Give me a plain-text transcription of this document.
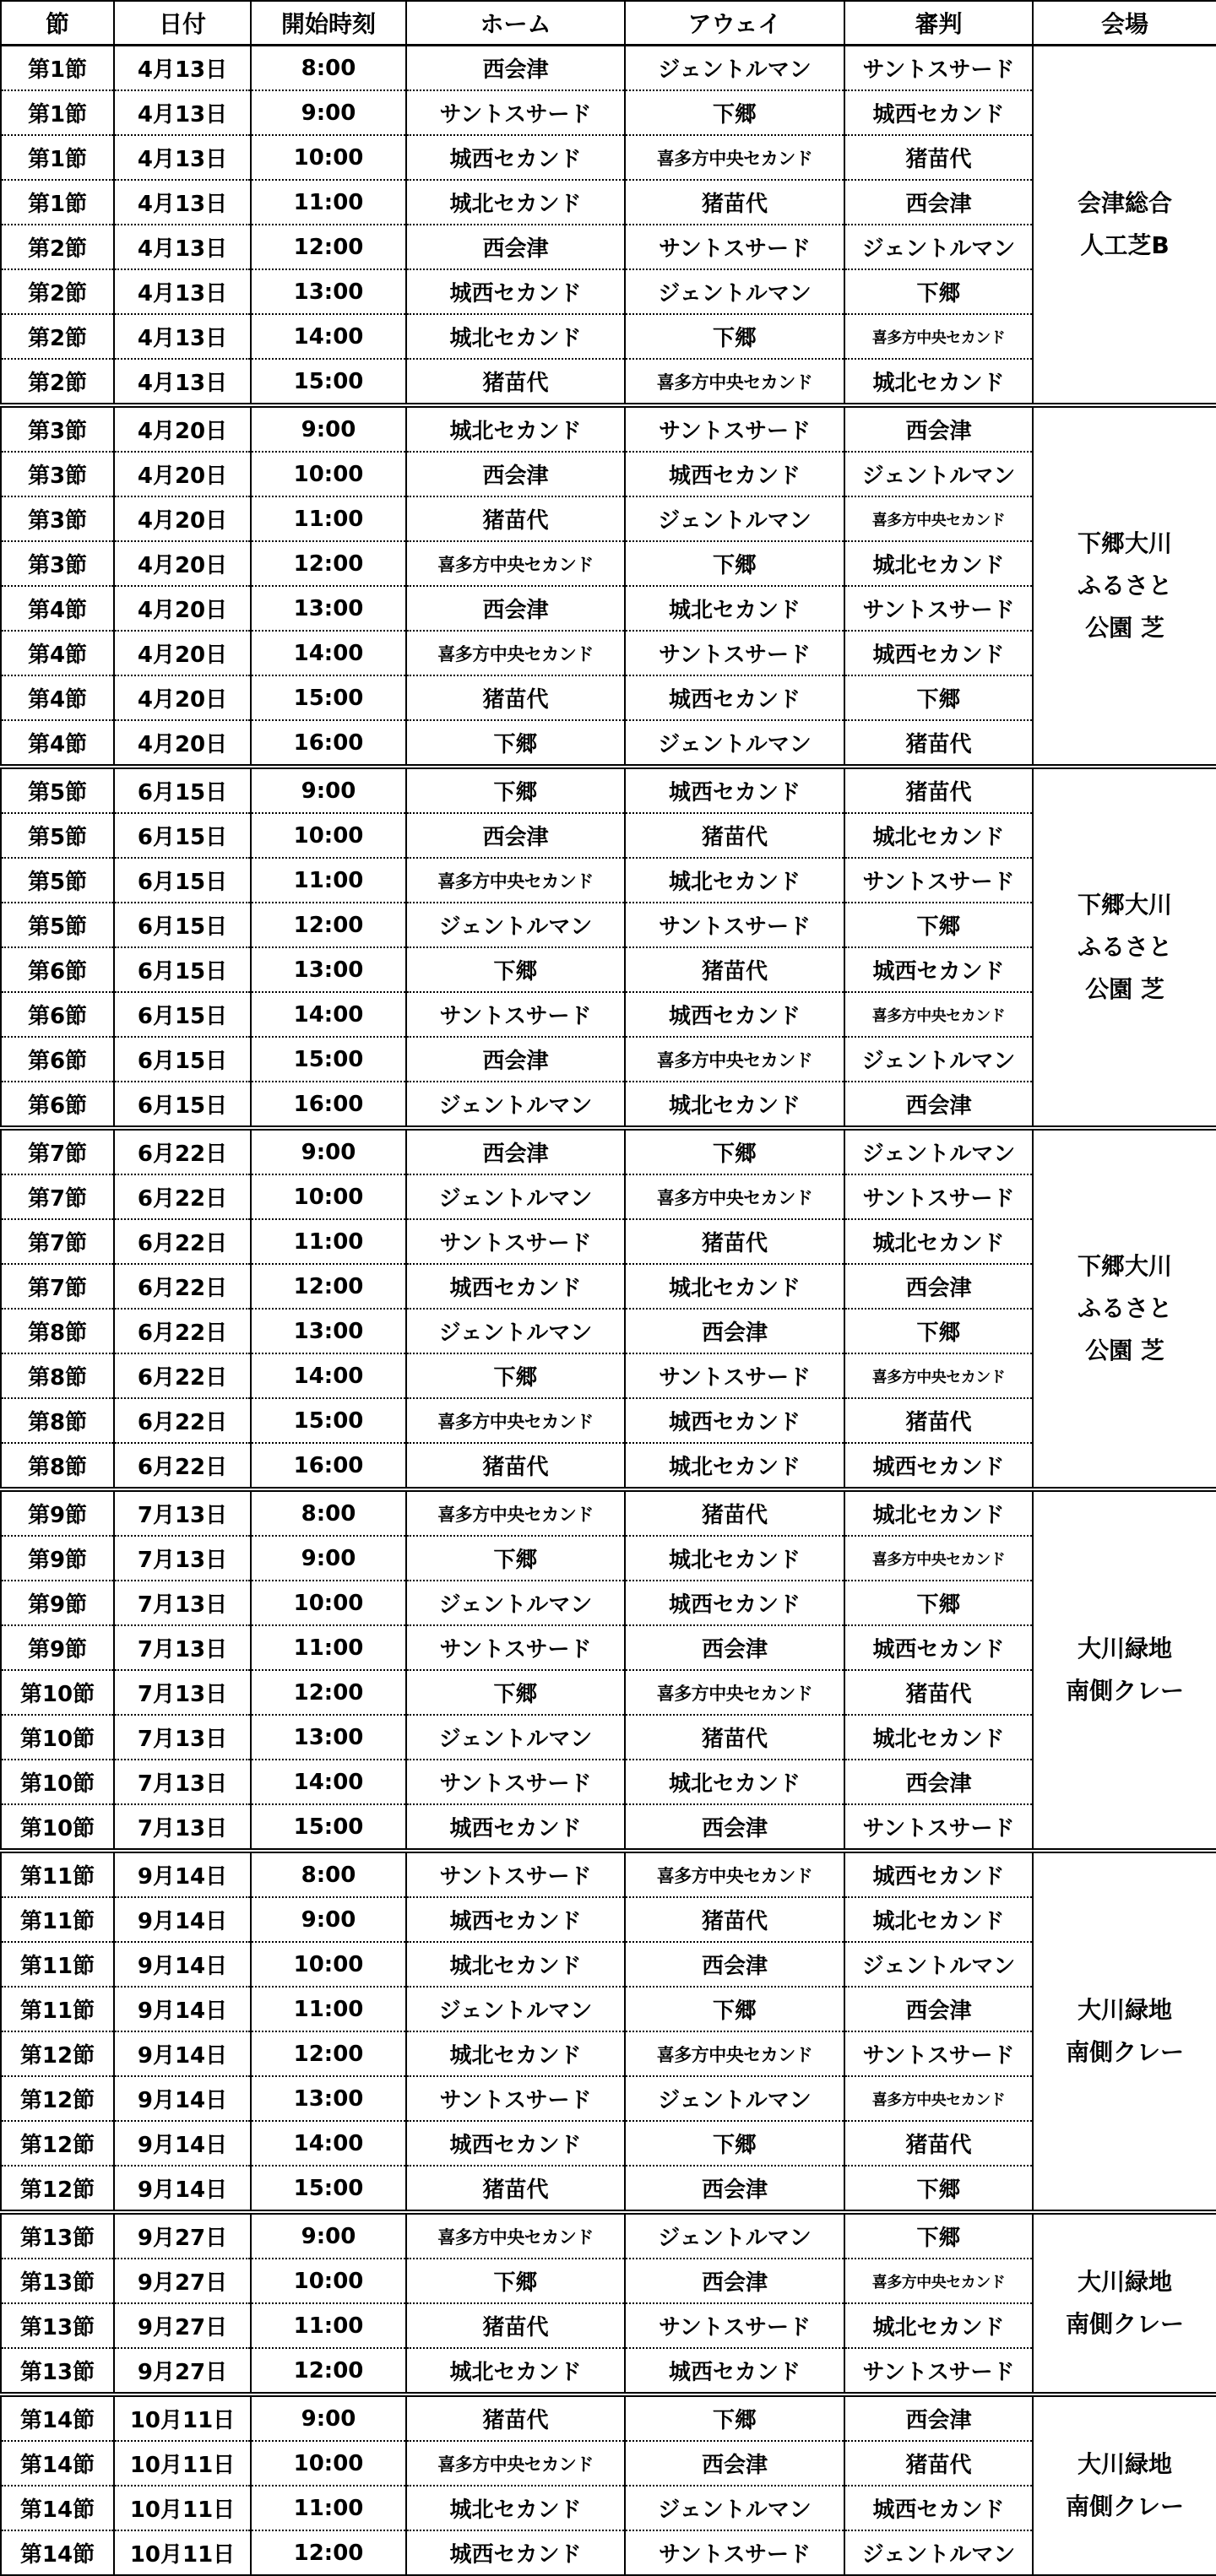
節	日付	開始時刻	ホーム	アウェイ	審判	会場
第1節	4月13日	8:00	西会津	ジェントルマン	サントスサード	会津総合
人工芝B

第1節	4月13日	9:00	サントスサード	下郷	城西セカンド	
第1節	4月13日	10:00	城西セカンド	喜多方中央セカンド	猪苗代	
第1節	4月13日	11:00	城北セカンド	猪苗代	西会津	
第2節	4月13日	12:00	西会津	サントスサード	ジェントルマン	
第2節	4月13日	13:00	城西セカンド	ジェントルマン	下郷	
第2節	4月13日	14:00	城北セカンド	下郷	喜多方中央セカンド	
第2節	4月13日	15:00	猪苗代	喜多方中央セカンド	城北セカンド	
第3節	4月20日	9:00	城北セカンド	サントスサード	西会津	下郷大川
ふるさと
公園 芝

第3節	4月20日	10:00	西会津	城西セカンド	ジェントルマン	
第3節	4月20日	11:00	猪苗代	ジェントルマン	喜多方中央セカンド	
第3節	4月20日	12:00	喜多方中央セカンド	下郷	城北セカンド	
第4節	4月20日	13:00	西会津	城北セカンド	サントスサード	
第4節	4月20日	14:00	喜多方中央セカンド	サントスサード	城西セカンド	
第4節	4月20日	15:00	猪苗代	城西セカンド	下郷	
第4節	4月20日	16:00	下郷	ジェントルマン	猪苗代	
第5節	6月15日	9:00	下郷	城西セカンド	猪苗代	下郷大川
ふるさと
公園 芝

第5節	6月15日	10:00	西会津	猪苗代	城北セカンド	
第5節	6月15日	11:00	喜多方中央セカンド	城北セカンド	サントスサード	
第5節	6月15日	12:00	ジェントルマン	サントスサード	下郷	
第6節	6月15日	13:00	下郷	猪苗代	城西セカンド	
第6節	6月15日	14:00	サントスサード	城西セカンド	喜多方中央セカンド	
第6節	6月15日	15:00	西会津	喜多方中央セカンド	ジェントルマン	
第6節	6月15日	16:00	ジェントルマン	城北セカンド	西会津	
第7節	6月22日	9:00	西会津	下郷	ジェントルマン	下郷大川
ふるさと
公園 芝

第7節	6月22日	10:00	ジェントルマン	喜多方中央セカンド	サントスサード	
第7節	6月22日	11:00	サントスサード	猪苗代	城北セカンド	
第7節	6月22日	12:00	城西セカンド	城北セカンド	西会津	
第8節	6月22日	13:00	ジェントルマン	西会津	下郷	
第8節	6月22日	14:00	下郷	サントスサード	喜多方中央セカンド	
第8節	6月22日	15:00	喜多方中央セカンド	城西セカンド	猪苗代	
第8節	6月22日	16:00	猪苗代	城北セカンド	城西セカンド	
第9節	7月13日	8:00	喜多方中央セカンド	猪苗代	城北セカンド	大川緑地
南側クレー

第9節	7月13日	9:00	下郷	城北セカンド	喜多方中央セカンド	
第9節	7月13日	10:00	ジェントルマン	城西セカンド	下郷	
第9節	7月13日	11:00	サントスサード	西会津	城西セカンド	
第10節	7月13日	12:00	下郷	喜多方中央セカンド	猪苗代	
第10節	7月13日	13:00	ジェントルマン	猪苗代	城北セカンド	
第10節	7月13日	14:00	サントスサード	城北セカンド	西会津	
第10節	7月13日	15:00	城西セカンド	西会津	サントスサード	
第11節	9月14日	8:00	サントスサード	喜多方中央セカンド	城西セカンド	大川緑地
南側クレー

第11節	9月14日	9:00	城西セカンド	猪苗代	城北セカンド	
第11節	9月14日	10:00	城北セカンド	西会津	ジェントルマン	
第11節	9月14日	11:00	ジェントルマン	下郷	西会津	
第12節	9月14日	12:00	城北セカンド	喜多方中央セカンド	サントスサード	
第12節	9月14日	13:00	サントスサード	ジェントルマン	喜多方中央セカンド	
第12節	9月14日	14:00	城西セカンド	下郷	猪苗代	
第12節	9月14日	15:00	猪苗代	西会津	下郷	
第13節	9月27日	9:00	喜多方中央セカンド	ジェントルマン	下郷	大川緑地
南側クレー

第13節	9月27日	10:00	下郷	西会津	喜多方中央セカンド	
第13節	9月27日	11:00	猪苗代	サントスサード	城北セカンド	
第13節	9月27日	12:00	城北セカンド	城西セカンド	サントスサード	
第14節	10月11日	9:00	猪苗代	下郷	西会津	大川緑地
南側クレー

第14節	10月11日	10:00	喜多方中央セカンド	西会津	猪苗代	
第14節	10月11日	11:00	城北セカンド	ジェントルマン	城西セカンド	
第14節	10月11日	12:00	城西セカンド	サントスサード	ジェントルマン	
